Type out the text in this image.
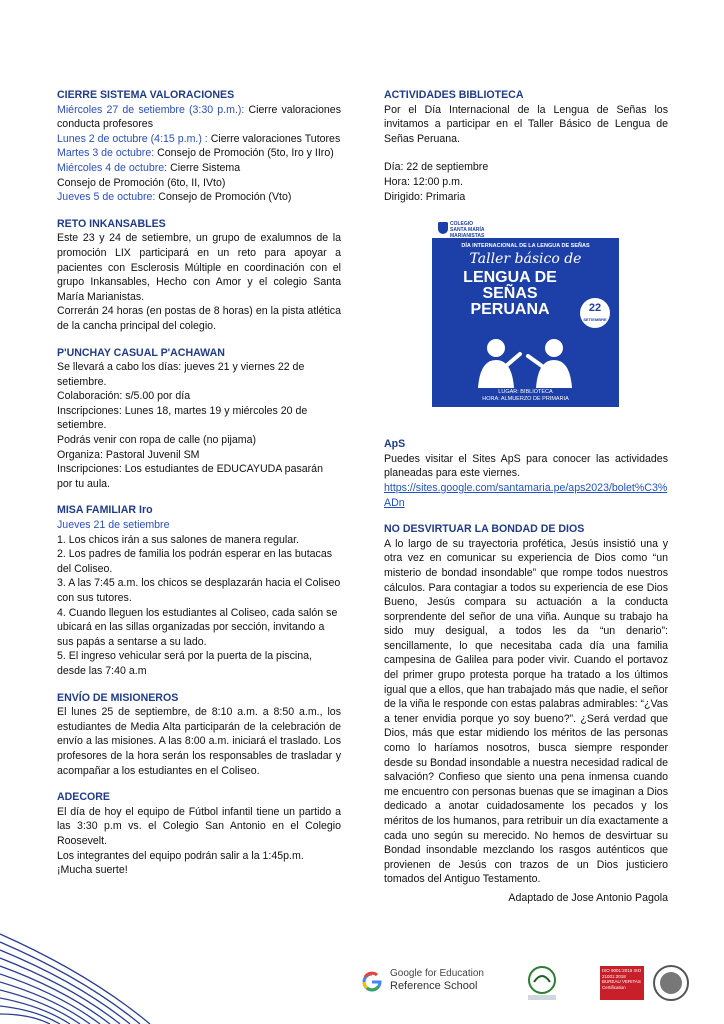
CIERRE SISTEMA VALORACIONES

Miércoles 27 de setiembre (3:30 p.m.): Cierre valoraciones conducta profesores

Lunes 2 de octubre (4:15 p.m.) : Cierre valoraciones Tutores

Martes 3 de octubre: Consejo de Promoción (5to, Iro y IIro)

Miércoles 4 de octubre: Cierre Sistema

Consejo de Promoción (6to, II, IVto)

Jueves 5 de octubre: Consejo de Promoción (Vto)

RETO INKANSABLES

Este 23 y 24 de setiembre, un grupo de exalumnos de la promoción LIX participará en un reto para apoyar a pacientes con Esclerosis Múltiple en coordinación con el grupo Inkansables, Hecho con Amor y el colegio Santa María Marianistas.

Correrán 24 horas (en postas de 8 horas) en la pista atlética de la cancha principal del colegio.

P'UNCHAY CASUAL P'ACHAWAN
Se llevará a cabo los días: jueves 21 y viernes 22 de setiembre.
Colaboración: s/5.00 por día
Inscripciones: Lunes 18, martes 19 y miércoles 20 de setiembre.
Podrás venir con ropa de calle (no pijama)
Organiza: Pastoral Juvenil SM
Inscripciones: Los estudiantes de EDUCAYUDA pasarán por tu aula.
MISA FAMILIAR Iro
Jueves 21 de setiembre
1. Los chicos irán a sus salones de manera regular.
2. Los padres de familia los podrán esperar en las butacas del Coliseo.
3. A las 7:45 a.m. los chicos se desplazarán hacia el Coliseo con sus tutores.
4. Cuando lleguen los estudiantes al Coliseo, cada salón se ubicará en las sillas organizadas por sección, invitando a sus papás a sentarse a su lado.
5. El ingreso vehicular será por la puerta de la piscina, desde las 7:40 a.m
ENVÍO DE MISIONEROS

El lunes 25 de septiembre, de 8:10 a.m. a 8:50 a.m., los estudiantes de Media Alta participarán de la celebración de envío a las misiones. A las 8:00 a.m. iniciará el traslado. Los profesores de la hora serán los responsables de trasladar y acompañar a los estudiantes en el Coliseo.

ADECORE

El día de hoy el equipo de Fútbol infantil tiene un partido a las 3:30 p.m vs. el Colegio San Antonio en el Colegio Roosevelt.

Los integrantes del equipo podrán salir a la 1:45p.m.

¡Mucha suerte!

ACTIVIDADES BIBLIOTECA

Por el Día Internacional de la Lengua de Señas los invitamos a participar en el Taller Básico de Lengua de Señas Peruana.

Día: 22 de septiembre

Hora: 12:00 p.m.

Dirigido: Primaria

COLEGIO
SANTA MARÍA
MARIANISTAS
DÍA INTERNACIONAL DE LA LENGUA DE SEÑAS
Taller básico de
LENGUA DE
SEÑAS
PERUANA	22
SETIEMBRE
LUGAR: BIBLIOTECA
HORA: ALMUERZO DE PRIMARIA
ApS

Puedes visitar el Sites ApS para conocer las actividades planeadas para este viernes.

https://sites.google.com/santamaria.pe/aps2023/bolet%C3%ADn
NO DESVIRTUAR LA BONDAD DE DIOS

A lo largo de su trayectoria profética, Jesús insistió una y otra vez en comunicar su experiencia de Dios como “un misterio de bondad insondable” que rompe todos nuestros cálculos. Para contagiar a todos su experiencia de ese Dios Bueno, Jesús compara su actuación a la conducta sorprendente del señor de una viña. Aunque su trabajo ha sido muy desigual, a todos les da “un denario”: sencillamente, lo que necesitaba cada día una familia campesina de Galilea para poder vivir. Cuando el portavoz del primer grupo protesta porque ha tratado a los últimos igual que a ellos, que han trabajado más que nadie, el señor de la viña le responde con estas palabras admirables: “¿Vas a tener envidia porque yo soy bueno?”. ¿Será verdad que Dios, más que estar midiendo los méritos de las personas como lo haríamos nosotros, busca siempre responder desde su Bondad insondable a nuestra necesidad radical de salvación? Confieso que siento una pena inmensa cuando me encuentro con personas buenas que se imaginan a Dios dedicado a anotar cuidadosamente los pecados y los méritos de los humanos, para retribuir un día exactamente a cada uno según su merecido. No hemos de desvirtuar su Bondad insondable mezclando los rasgos auténticos que provienen de Jesús con trazos de un Dios justiciero tomados del Antiguo Testamento.

Adaptado de Jose Antonio Pagola

Google for Education
Reference School
ISO 9001:2015 ISO 21001:2018 BUREAU VERITAS Certification
